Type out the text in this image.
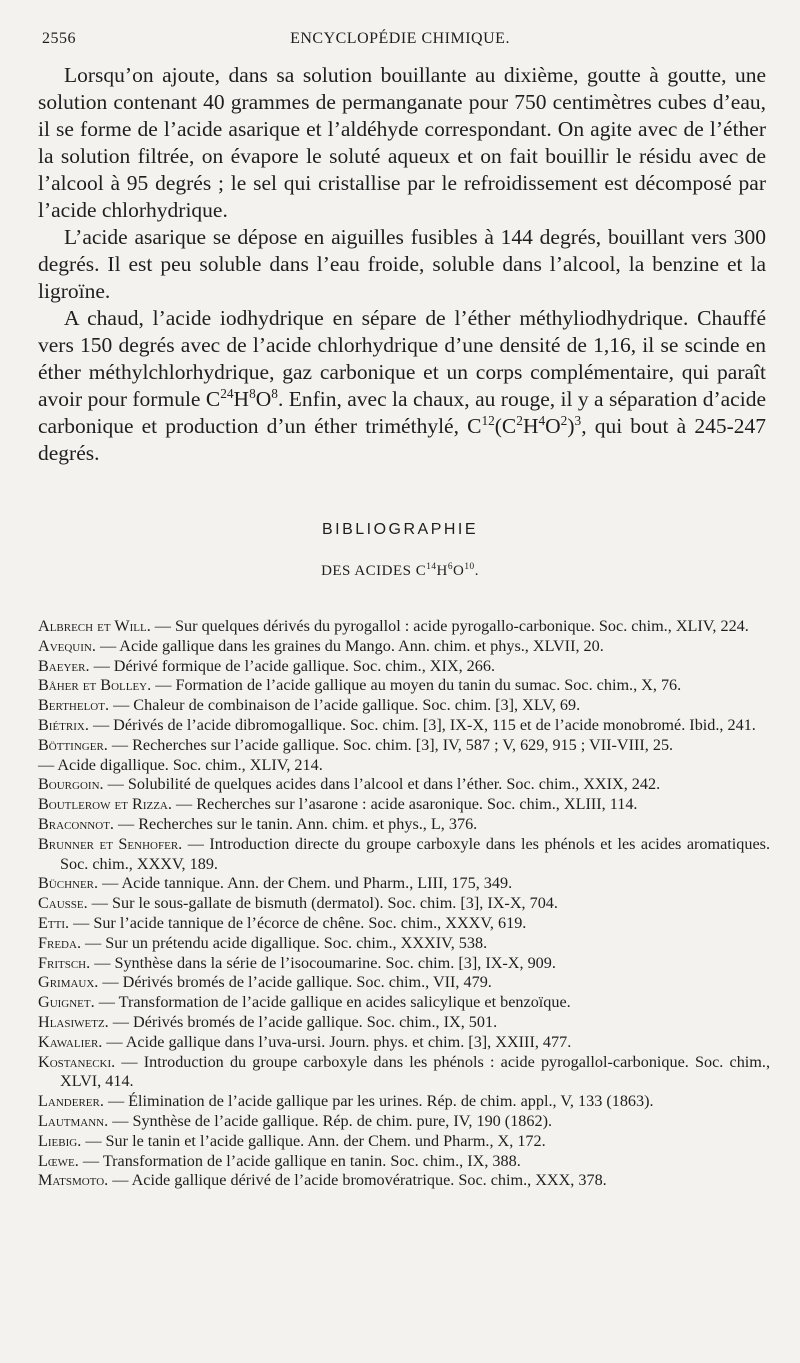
2556	ENCYCLOPÉDIE CHIMIQUE.

Lorsqu’on ajoute, dans sa solution bouillante au dixième, goutte à goutte, une solution contenant 40 grammes de permanganate pour 750 centimètres cubes d’eau, il se forme de l’acide asarique et l’aldéhyde correspondant. On agite avec de l’éther la solution filtrée, on évapore le soluté aqueux et on fait bouillir le résidu avec de l’alcool à 95 degrés ; le sel qui cristallise par le refroidissement est décomposé par l’acide chlorhydrique.

L’acide asarique se dépose en aiguilles fusibles à 144 degrés, bouillant vers 300 degrés. Il est peu soluble dans l’eau froide, soluble dans l’alcool, la benzine et la ligroïne.

A chaud, l’acide iodhydrique en sépare de l’éther méthyliodhydrique. Chauffé vers 150 degrés avec de l’acide chlorhydrique d’une densité de 1,16, il se scinde en éther méthylchlorhydrique, gaz carbonique et un corps complémentaire, qui paraît avoir pour formule $C^{24}H^8O^8$. Enfin, avec la chaux, au rouge, il y a séparation d’acide carbonique et production d’un éther triméthylé, $C^{12}(C^2H^4O^2)^3$, qui bout à 245-247 degrés.

BIBLIOGRAPHIE
DES ACIDES $C^{14}H^6O^{10}$.

Albrech et Will. — Sur quelques dérivés du pyrogallol : acide pyrogallo-carbonique. Soc. chim., XLIV, 224.

Avequin. — Acide gallique dans les graines du Mango. Ann. chim. et phys., XLVII, 20.

Baeyer. — Dérivé formique de l’acide gallique. Soc. chim., XIX, 266.

Båher et Bolley. — Formation de l’acide gallique au moyen du tanin du sumac. Soc. chim., X, 76.

Berthelot. — Chaleur de combinaison de l’acide gallique. Soc. chim. [3], XLV, 69.

Biétrix. — Dérivés de l’acide dibromogallique. Soc. chim. [3], IX-X, 115 et de l’acide monobromé. Ibid., 241.

Böttinger. — Recherches sur l’acide gallique. Soc. chim. [3], IV, 587 ; V, 629, 915 ; VII-VIII, 25.

— Acide digallique. Soc. chim., XLIV, 214.

Bourgoin. — Solubilité de quelques acides dans l’alcool et dans l’éther. Soc. chim., XXIX, 242.

Boutlerow et Rizza. — Recherches sur l’asarone : acide asaronique. Soc. chim., XLIII, 114.

Braconnot. — Recherches sur le tanin. Ann. chim. et phys., L, 376.

Brunner et Senhofer. — Introduction directe du groupe carboxyle dans les phénols et les acides aromatiques. Soc. chim., XXXV, 189.

Büchner. — Acide tannique. Ann. der Chem. und Pharm., LIII, 175, 349.

Causse. — Sur le sous-gallate de bismuth (dermatol). Soc. chim. [3], IX-X, 704.

Etti. — Sur l’acide tannique de l’écorce de chêne. Soc. chim., XXXV, 619.

Freda. — Sur un prétendu acide digallique. Soc. chim., XXXIV, 538.

Fritsch. — Synthèse dans la série de l’isocoumarine. Soc. chim. [3], IX-X, 909.

Grimaux. — Dérivés bromés de l’acide gallique. Soc. chim., VII, 479.

Guignet. — Transformation de l’acide gallique en acides salicylique et benzoïque.

Hlasiwetz. — Dérivés bromés de l’acide gallique. Soc. chim., IX, 501.

Kawalier. — Acide gallique dans l’uva-ursi. Journ. phys. et chim. [3], XXIII, 477.

Kostanecki. — Introduction du groupe carboxyle dans les phénols : acide pyrogallol-carbonique. Soc. chim., XLVI, 414.

Landerer. — Élimination de l’acide gallique par les urines. Rép. de chim. appl., V, 133 (1863).

Lautmann. — Synthèse de l’acide gallique. Rép. de chim. pure, IV, 190 (1862).

Liebig. — Sur le tanin et l’acide gallique. Ann. der Chem. und Pharm., X, 172.

Lœwe. — Transformation de l’acide gallique en tanin. Soc. chim., IX, 388.

Matsmoto. — Acide gallique dérivé de l’acide bromovératrique. Soc. chim., XXX, 378.
